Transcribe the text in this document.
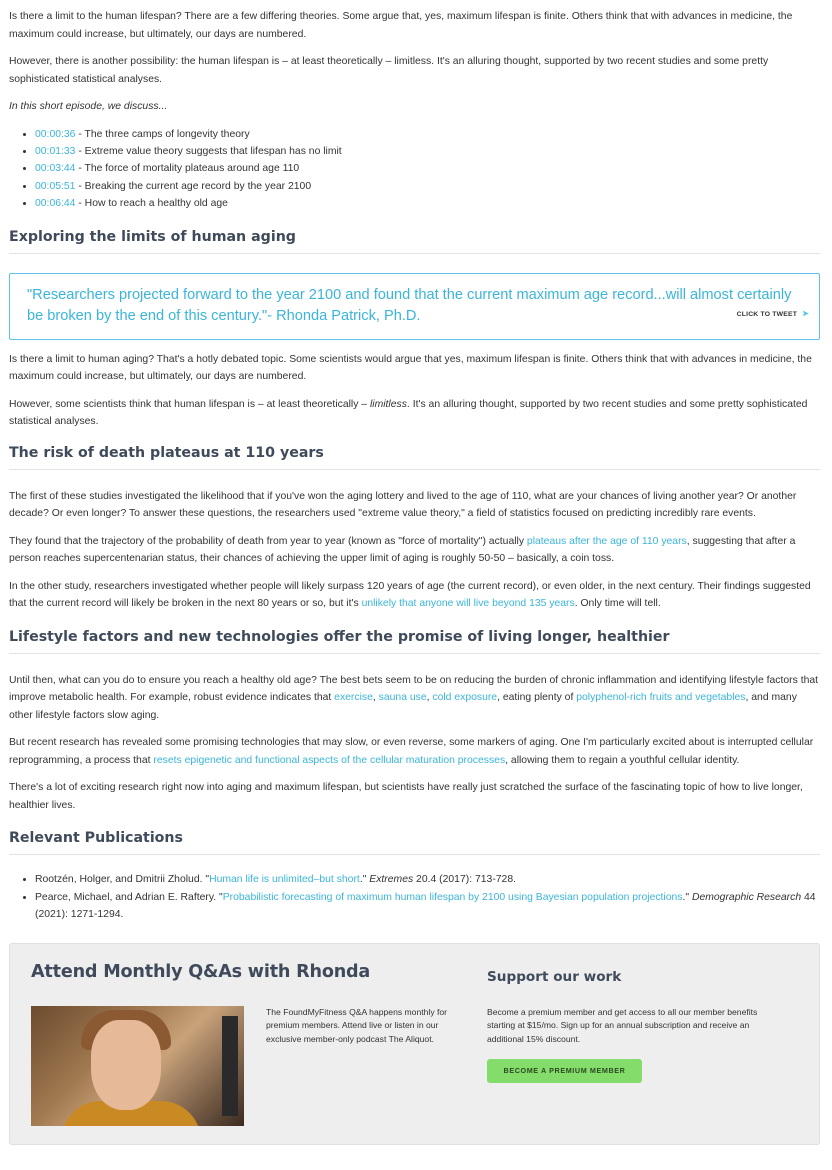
Is there a limit to the human lifespan? There are a few differing theories. Some argue that, yes, maximum lifespan is finite. Others think that with advances in medicine, the maximum could increase, but ultimately, our days are numbered.

However, there is another possibility: the human lifespan is – at least theoretically – limitless. It's an alluring thought, supported by two recent studies and some pretty sophisticated statistical analyses.

In this short episode, we discuss...

• 00:00:36 - The three camps of longevity theory
• 00:01:33 - Extreme value theory suggests that lifespan has no limit
• 00:03:44 - The force of mortality plateaus around age 110
• 00:05:51 - Breaking the current age record by the year 2100
• 00:06:44 - How to reach a healthy old age
Exploring the limits of human aging
"Researchers projected forward to the year 2100 and found that the current maximum age record...will almost certainly be broken by the end of this century."- Rhonda Patrick, Ph.D.	CLICK TO TWEET ➤

Is there a limit to human aging? That's a hotly debated topic. Some scientists would argue that yes, maximum lifespan is finite. Others think that with advances in medicine, the maximum could increase, but ultimately, our days are numbered.

However, some scientists think that human lifespan is – at least theoretically – limitless. It's an alluring thought, supported by two recent studies and some pretty sophisticated statistical analyses.

The risk of death plateaus at 110 years

The first of these studies investigated the likelihood that if you've won the aging lottery and lived to the age of 110, what are your chances of living another year? Or another decade? Or even longer? To answer these questions, the researchers used "extreme value theory," a field of statistics focused on predicting incredibly rare events.

They found that the trajectory of the probability of death from year to year (known as "force of mortality") actually plateaus after the age of 110 years, suggesting that after a person reaches supercentenarian status, their chances of achieving the upper limit of aging is roughly 50-50 – basically, a coin toss.

In the other study, researchers investigated whether people will likely surpass 120 years of age (the current record), or even older, in the next century. Their findings suggested that the current record will likely be broken in the next 80 years or so, but it's unlikely that anyone will live beyond 135 years. Only time will tell.

Lifestyle factors and new technologies offer the promise of living longer, healthier

Until then, what can you do to ensure you reach a healthy old age? The best bets seem to be on reducing the burden of chronic inflammation and identifying lifestyle factors that improve metabolic health. For example, robust evidence indicates that exercise, sauna use, cold exposure, eating plenty of polyphenol-rich fruits and vegetables, and many other lifestyle factors slow aging.

But recent research has revealed some promising technologies that may slow, or even reverse, some markers of aging. One I'm particularly excited about is interrupted cellular reprogramming, a process that resets epigenetic and functional aspects of the cellular maturation processes, allowing them to regain a youthful cellular identity.

There's a lot of exciting research right now into aging and maximum lifespan, but scientists have really just scratched the surface of the fascinating topic of how to live longer, healthier lives.

Relevant Publications
• Rootzén, Holger, and Dmitrii Zholud. "Human life is unlimited–but short." Extremes 20.4 (2017): 713-728.
• Pearce, Michael, and Adrian E. Raftery. "Probabilistic forecasting of maximum human lifespan by 2100 using Bayesian population projections." Demographic Research 44 (2021): 1271-1294.
Attend Monthly Q&As with Rhonda
The FoundMyFitness Q&A happens monthly for premium members. Attend live or listen in our exclusive member-only podcast The Aliquot.
Support our work
Become a premium member and get access to all our member benefits starting at $15/mo. Sign up for an annual subscription and receive an additional 15% discount.
BECOME A PREMIUM MEMBER
